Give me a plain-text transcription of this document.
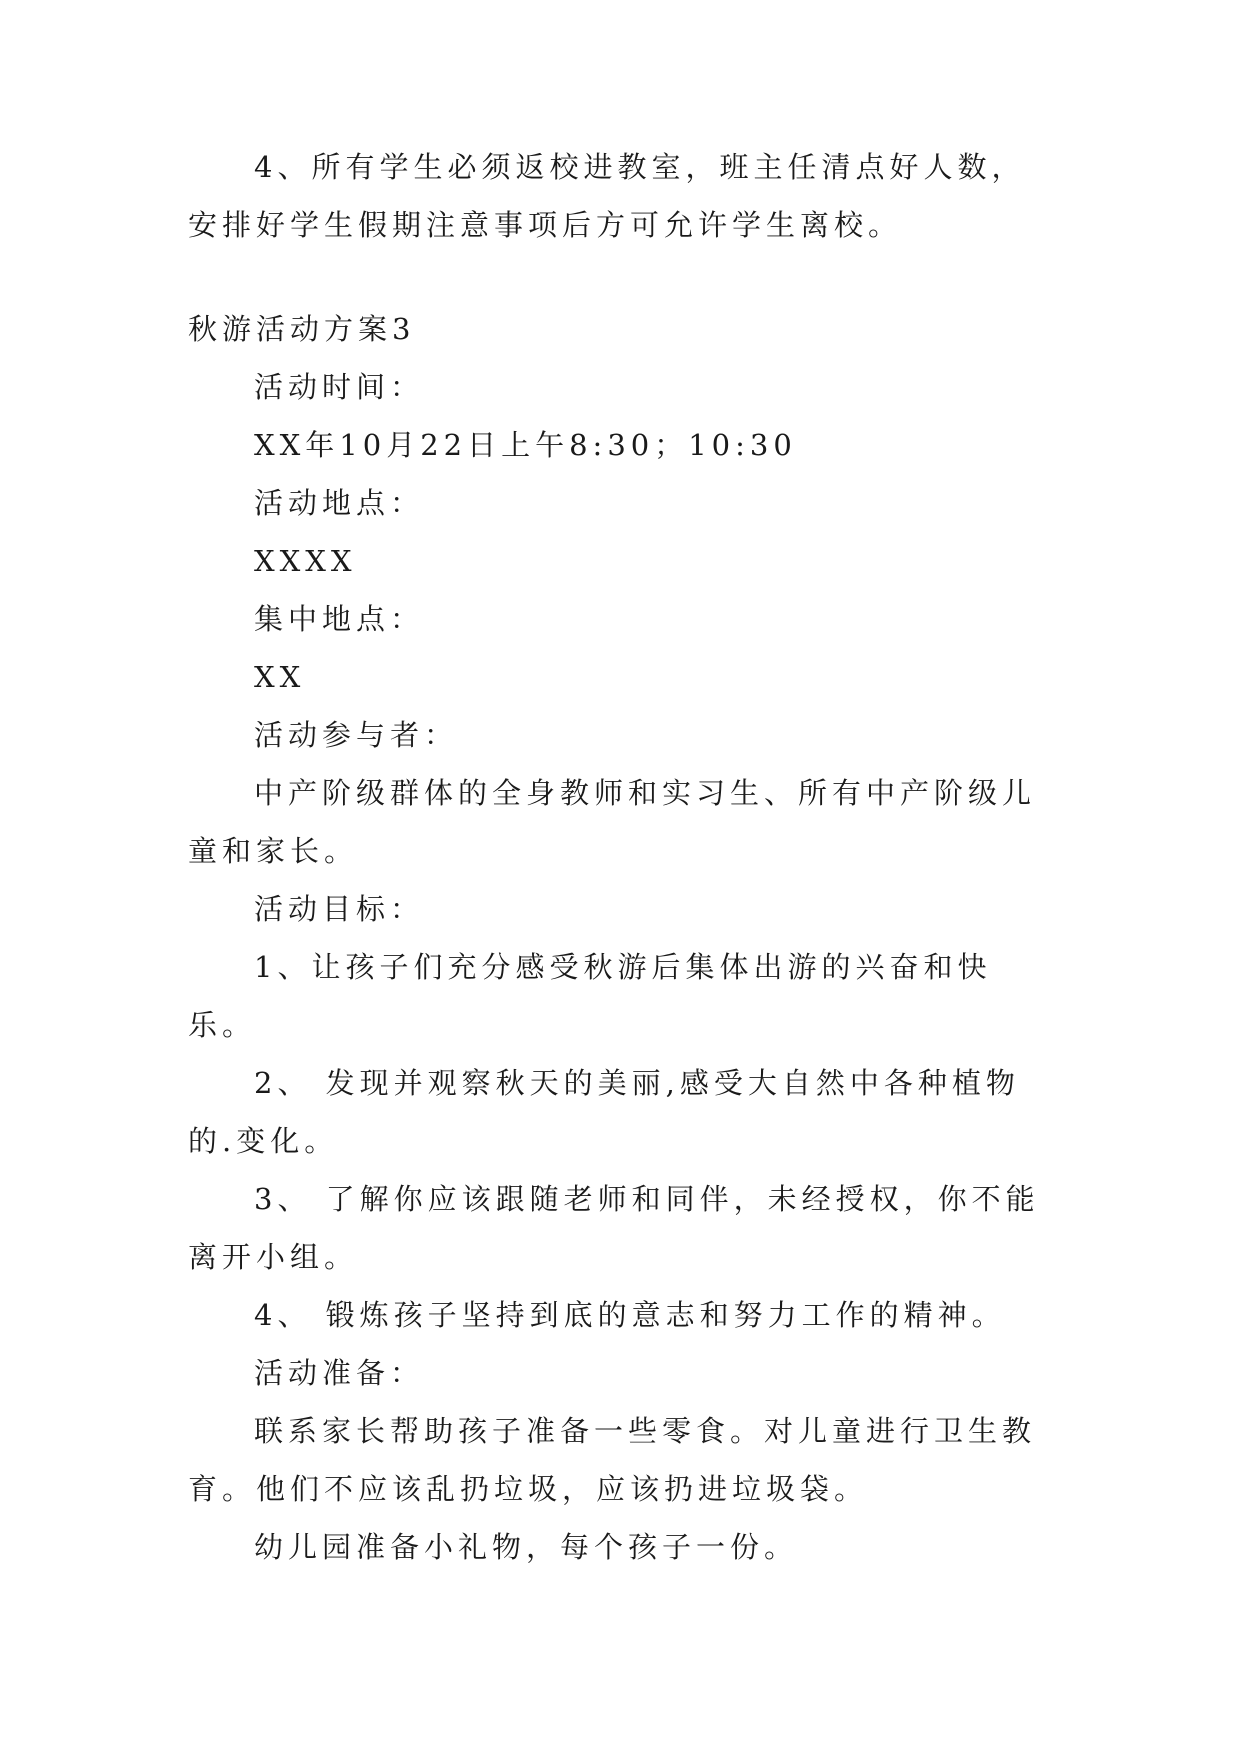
4、所有学生必须返校进教室，班主任清点好人数，安排好学生假期注意事项后方可允许学生离校。

秋游活动方案3

活动时间：

XX年10月22日上午8:30；10:30

活动地点：

XXXX

集中地点：

XX

活动参与者：

中产阶级群体的全身教师和实习生、所有中产阶级儿童和家长。

活动目标：

1、让孩子们充分感受秋游后集体出游的兴奋和快乐。

2、 发现并观察秋天的美丽,感受大自然中各种植物的.变化。

3、 了解你应该跟随老师和同伴，未经授权，你不能离开小组。

4、 锻炼孩子坚持到底的意志和努力工作的精神。

活动准备：

联系家长帮助孩子准备一些零食。对儿童进行卫生教育。他们不应该乱扔垃圾，应该扔进垃圾袋。

幼儿园准备小礼物，每个孩子一份。
